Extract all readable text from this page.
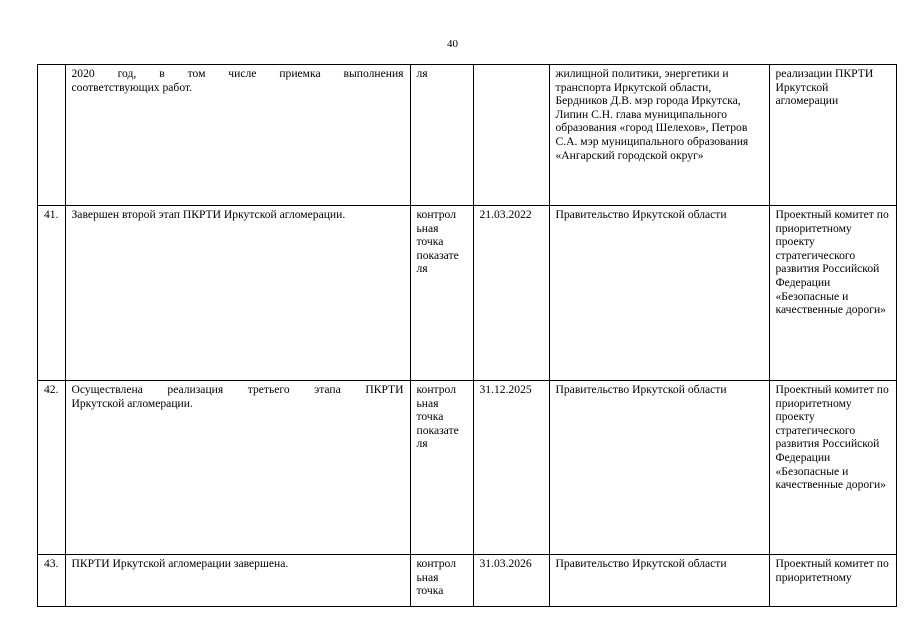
40

	2020 год, в том числе приемка выполнения
соответствующих работ.	ля		жилищной политики, энергетики и транспорта Иркутской области, Бердников Д.В. мэр города Иркутска, Липин С.Н. глава муниципального образования «город Шелехов», Петров С.А. мэр муниципального образования «Ангарский городской округ»	реализации ПКРТИ Иркутской агломерации
41.	Завершен второй этап ПКРТИ Иркутской агломерации.	контрол ьная точка показате ля	21.03.2022	Правительство Иркутской области	Проектный комитет по приоритетному проекту стратегического развития Российской Федерации «Безопасные и качественные дороги»
42.	Осуществлена реализация третьего этапа ПКРТИ
Иркутской агломерации.	контрол ьная точка показате ля	31.12.2025	Правительство Иркутской области	Проектный комитет по приоритетному проекту стратегического развития Российской Федерации «Безопасные и качественные дороги»
43.	ПКРТИ Иркутской агломерации завершена.	контрол ьная точка	31.03.2026	Правительство Иркутской области	Проектный комитет по приоритетному
